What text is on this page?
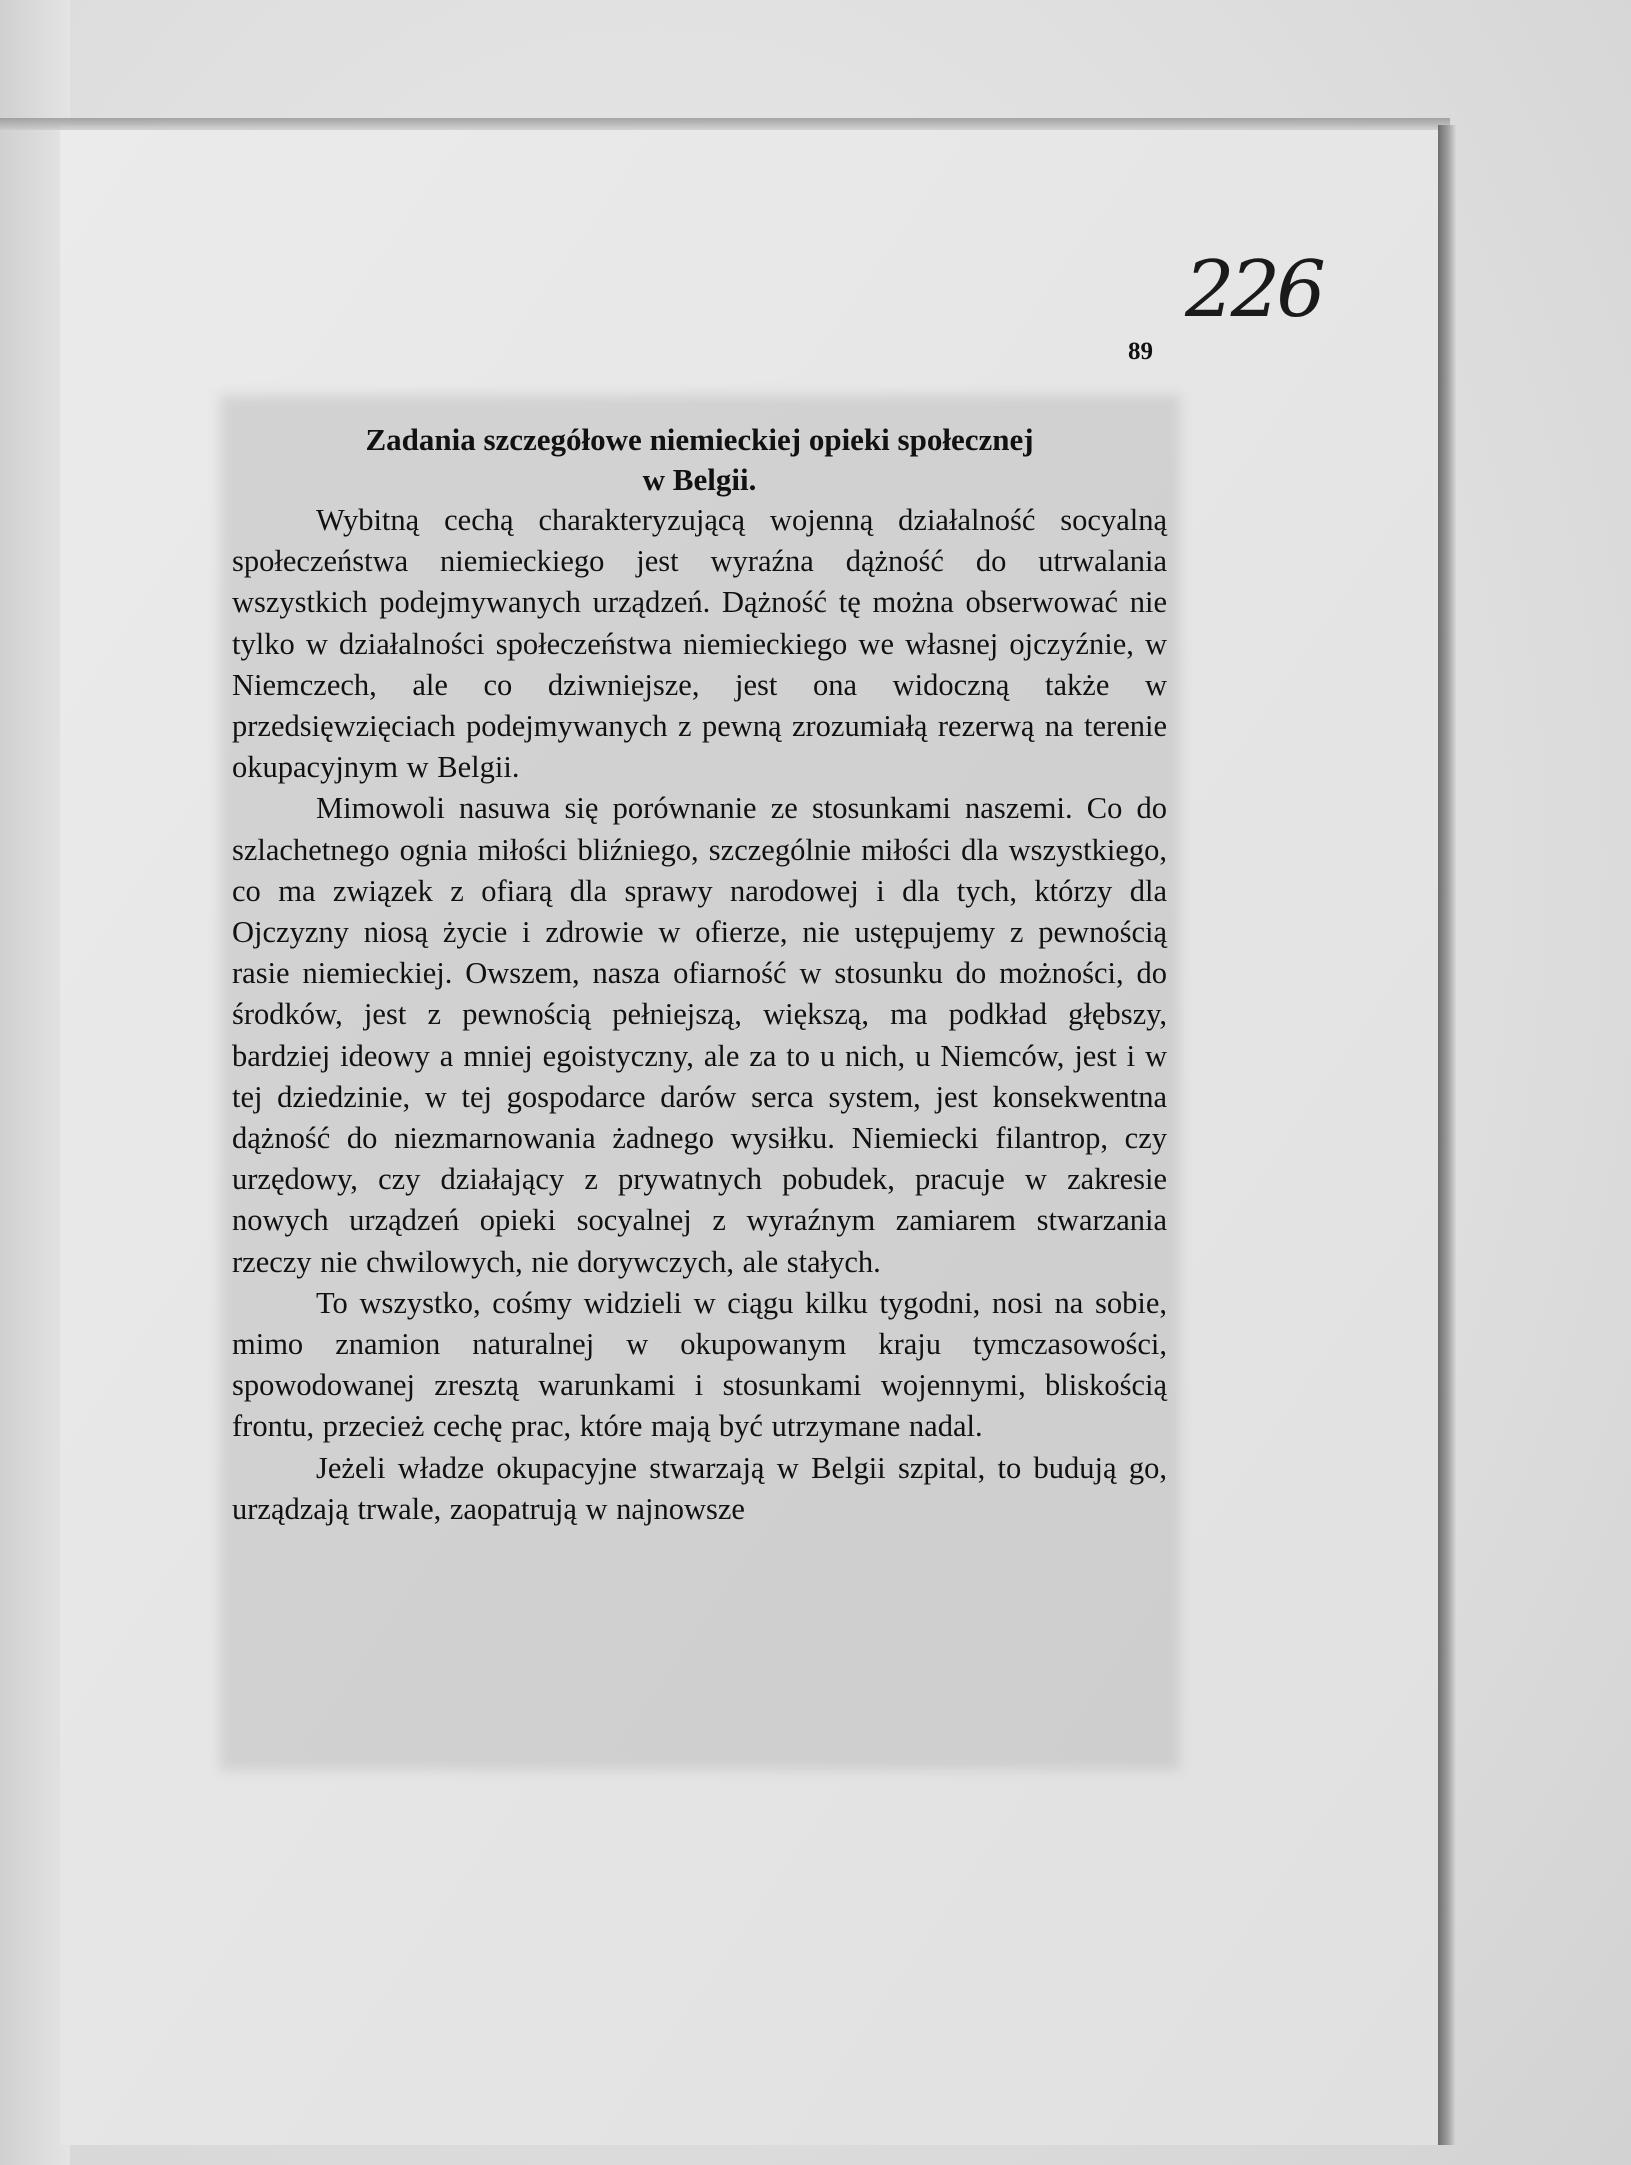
226
89
Zadania szczegółowe niemieckiej opieki społecznej
w Belgii.

Wybitną cechą charakteryzującą wojenną działalność socyalną społeczeństwa niemieckiego jest wyraźna dążność do utrwalania wszystkich podejmywanych urządzeń. Dążność tę można obserwować nie tylko w działalności społeczeństwa niemieckiego we własnej ojczyźnie, w Niemczech, ale co dziwniejsze, jest ona widoczną także w przedsięwzięciach podejmywanych z pewną zrozumiałą rezerwą na terenie okupacyjnym w Belgii.

Mimowoli nasuwa się porównanie ze stosunkami naszemi. Co do szlachetnego ognia miłości bliźniego, szczególnie miłości dla wszystkiego, co ma związek z ofiarą dla sprawy narodowej i dla tych, którzy dla Ojczyzny niosą życie i zdrowie w ofierze, nie ustępujemy z pewnością rasie niemieckiej. Owszem, nasza ofiarność w stosunku do możności, do środków, jest z pewnością pełniejszą, większą, ma podkład głębszy, bardziej ideowy a mniej egoistyczny, ale za to u nich, u Niemców, jest i w tej dziedzinie, w tej gospodarce darów serca system, jest konsekwentna dążność do niezmarnowania żadnego wysiłku. Niemiecki filantrop, czy urzędowy, czy działający z prywatnych pobudek, pracuje w zakresie nowych urządzeń opieki socyalnej z wyraźnym zamiarem stwarzania rzeczy nie chwilowych, nie dorywczych, ale stałych.

To wszystko, cośmy widzieli w ciągu kilku tygodni, nosi na sobie, mimo znamion naturalnej w okupowanym kraju tymczasowości, spowodowanej zresztą warunkami i stosunkami wojennymi, bliskością frontu, przecież cechę prac, które mają być utrzymane nadal.

Jeżeli władze okupacyjne stwarzają w Belgii szpital, to budują go, urządzają trwale, zaopatrują w najnowsze
